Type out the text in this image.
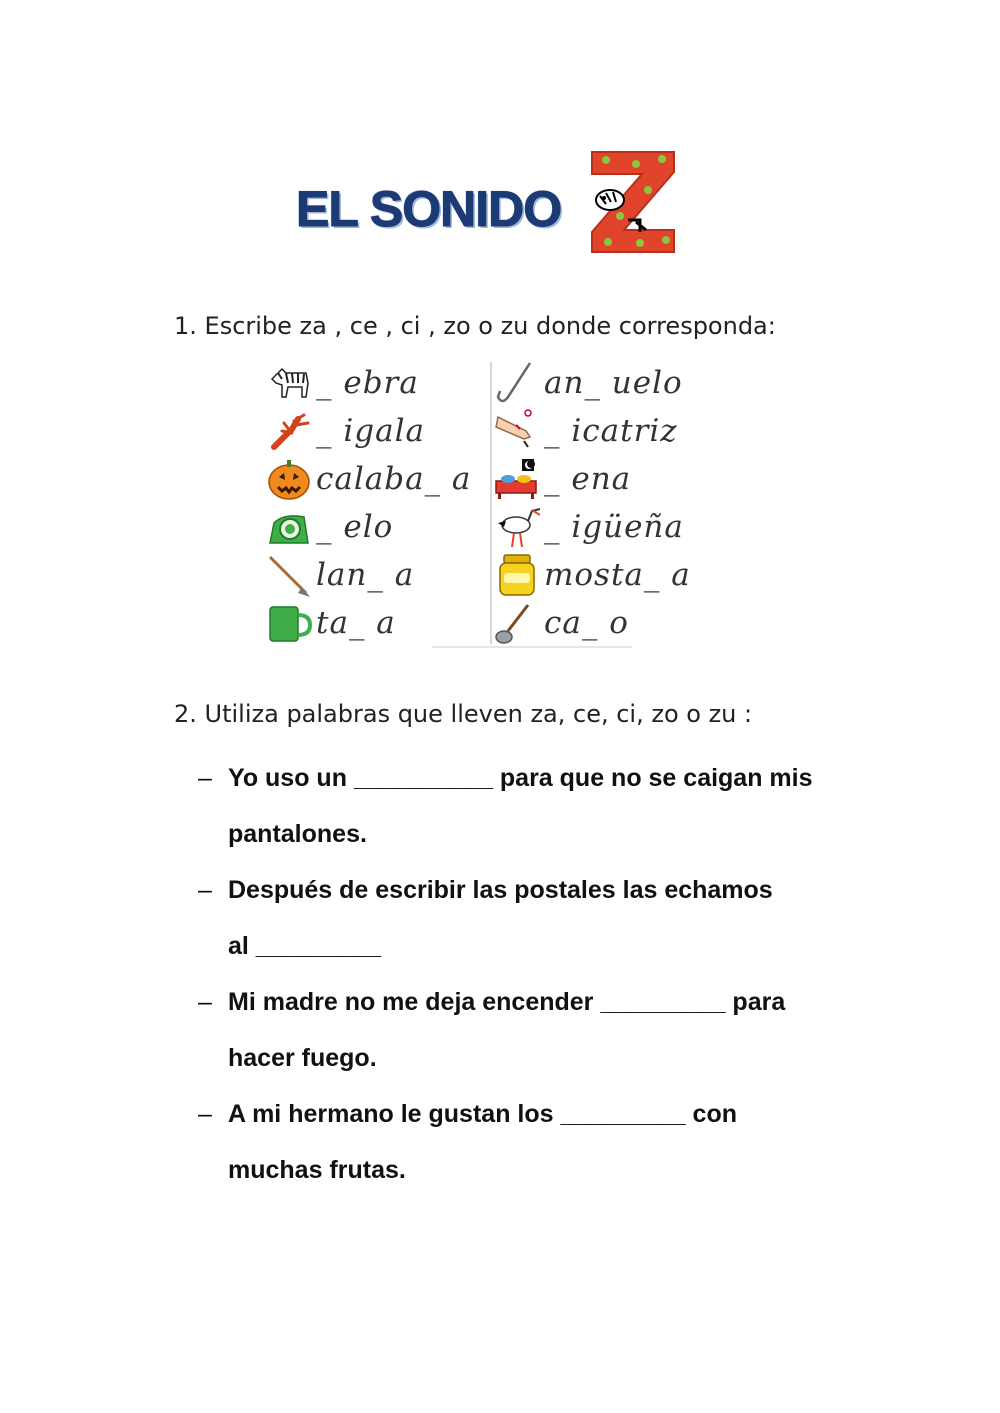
EL SONIDO
Z
1. Escribe za , ce , ci , zo o zu donde corresponda:
_ ebra
_ igala
calaba_ a
_ elo
lan_ a
ta_ a
an_ uelo
_ icatriz
_ ena
_ igüeña
mosta_ a
ca_ o
2. Utiliza palabras que lleven za, ce, ci, zo o zu :
– Yo uso un __________ para que no se caigan mis
pantalones.
– Después de escribir las postales las echamos
al _________
– Mi madre no me deja encender _________ para
hacer fuego.
– A mi hermano le gustan los _________ con
muchas frutas.
